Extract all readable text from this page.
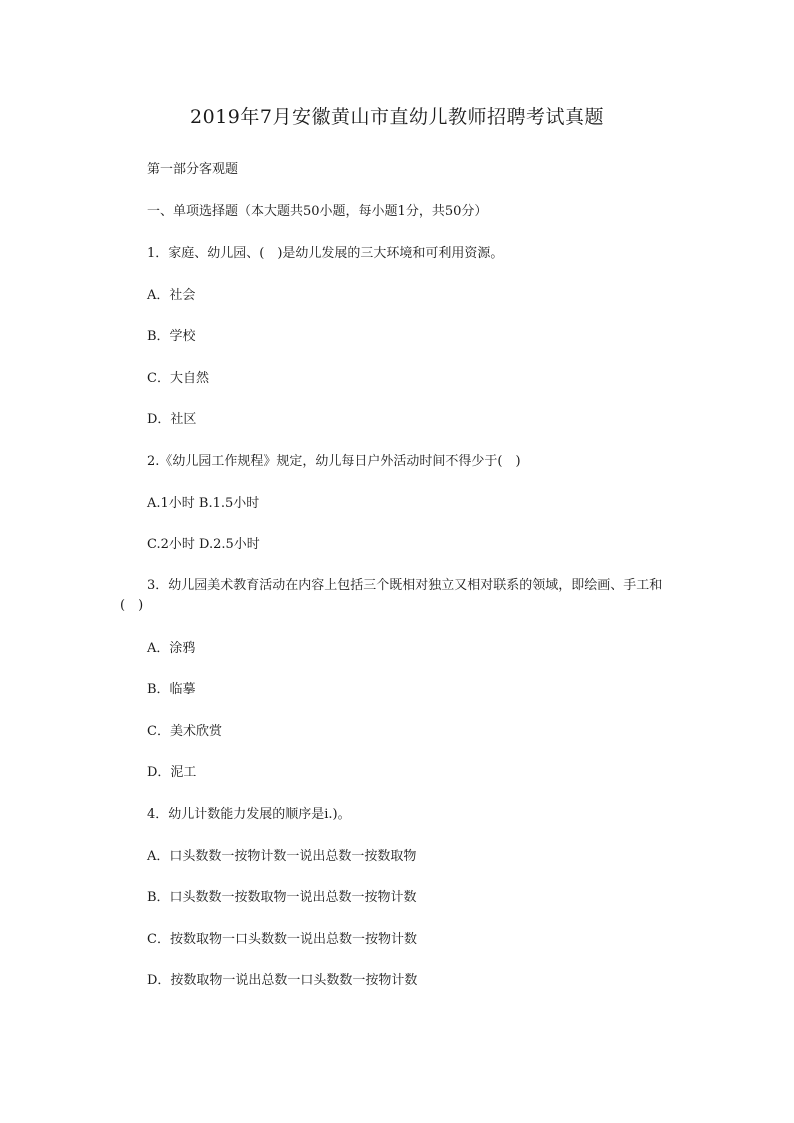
2019年7月安徽黄山市直幼儿教师招聘考试真题
第一部分客观题
一、单项选择题（本大题共50小题，每小题1分，共50分）
1．家庭、幼儿园、(　)是幼儿发展的三大环境和可利用资源。
A．社会
B．学校
C．大自然
D．社区
2.《幼儿园工作规程》规定，幼儿每日户外活动时间不得少于(　)
A.1小时 B.1.5小时
C.2小时 D.2.5小时
3．幼儿园美术教育活动在内容上包括三个既相对独立又相对联系的领域，即绘画、手工和(　)
A．涂鸦
B．临摹
C．美术欣赏
D．泥工
4．幼儿计数能力发展的顺序是i.)。
A．口头数数一按物计数一说出总数一按数取物
B．口头数数一按数取物一说出总数一按物计数
C．按数取物一口头数数一说出总数一按物计数
D．按数取物一说出总数一口头数数一按物计数
